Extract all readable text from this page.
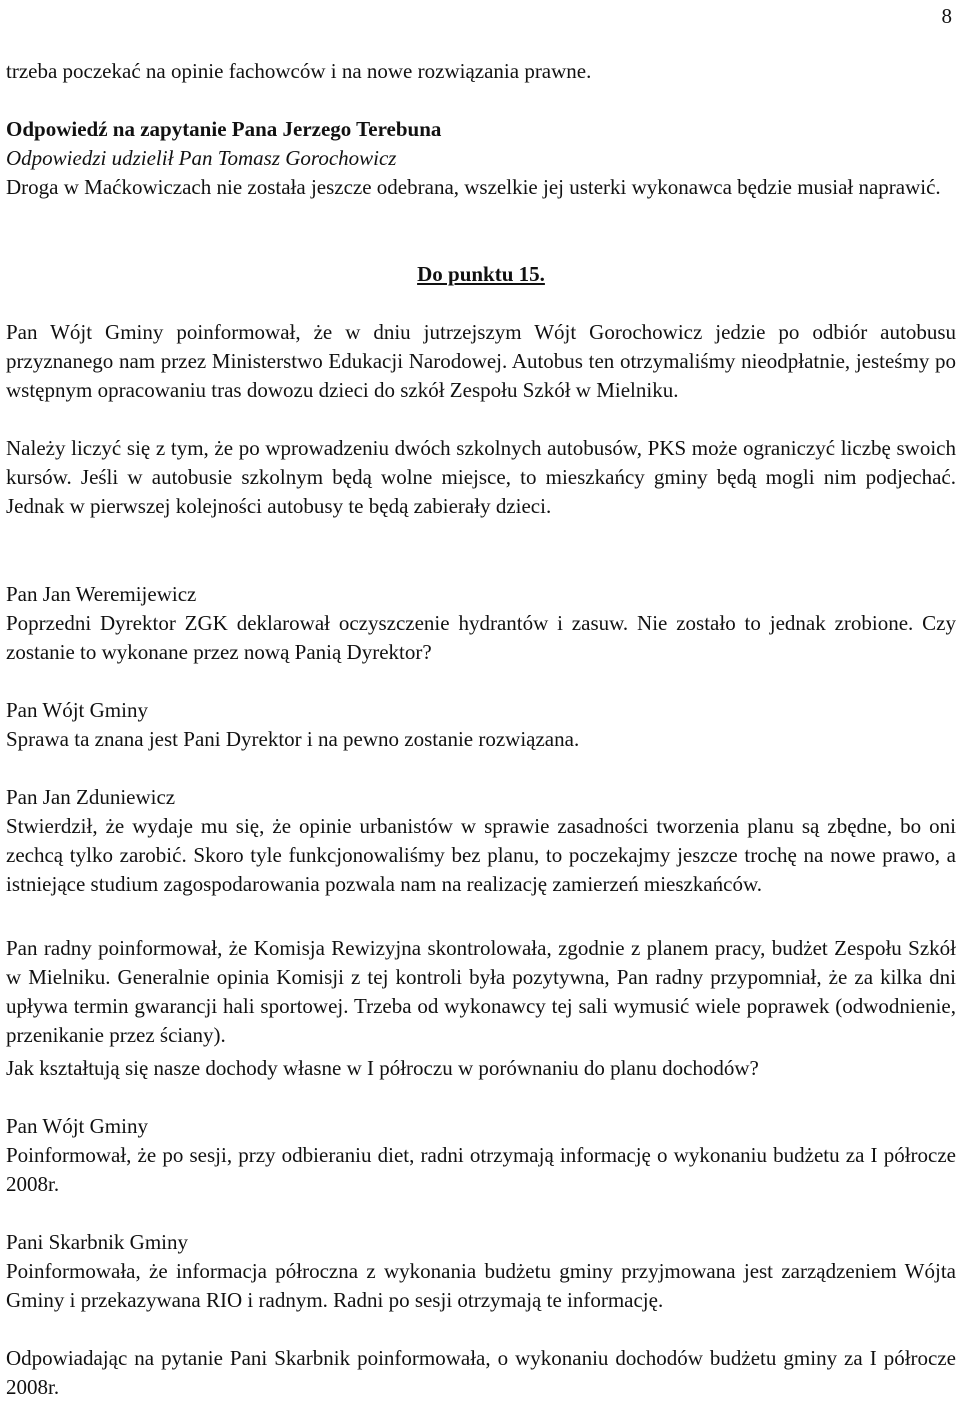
8

trzeba poczekać na opinie fachowców i na nowe rozwiązania prawne.

Odpowiedź na zapytanie Pana Jerzego Terebuna

Odpowiedzi udzielił Pan Tomasz Gorochowicz

Droga w Maćkowiczach nie została jeszcze odebrana, wszelkie jej usterki wykonawca będzie musiał naprawić.

Do punktu 15.

Pan Wójt Gminy poinformował, że w dniu jutrzejszym Wójt Gorochowicz jedzie po odbiór autobusu przyznanego nam przez Ministerstwo Edukacji Narodowej. Autobus ten otrzymaliśmy nieodpłatnie, jesteśmy po wstępnym opracowaniu tras dowozu dzieci do szkół Zespołu Szkół w Mielniku.

Należy liczyć się z tym, że po wprowadzeniu dwóch szkolnych autobusów, PKS może ograniczyć liczbę swoich kursów. Jeśli w autobusie szkolnym będą wolne miejsce, to mieszkańcy gminy będą mogli nim podjechać. Jednak w pierwszej kolejności autobusy te będą zabierały dzieci.

Pan Jan Weremijewicz

Poprzedni Dyrektor ZGK deklarował oczyszczenie hydrantów i zasuw. Nie zostało to jednak zrobione. Czy zostanie to wykonane przez nową Panią Dyrektor?

Pan Wójt Gminy

Sprawa ta znana jest Pani Dyrektor i na pewno zostanie rozwiązana.

Pan Jan Zduniewicz

Stwierdził, że wydaje mu się, że opinie urbanistów w sprawie zasadności tworzenia planu są zbędne, bo oni zechcą tylko zarobić. Skoro tyle funkcjonowaliśmy bez planu, to poczekajmy jeszcze trochę na nowe prawo, a istniejące studium zagospodarowania pozwala nam na realizację zamierzeń mieszkańców.

Pan radny poinformował, że Komisja Rewizyjna skontrolowała, zgodnie z planem pracy, budżet Zespołu Szkół w Mielniku. Generalnie opinia Komisji z tej kontroli była pozytywna, Pan radny przypomniał, że za kilka dni upływa termin gwarancji hali sportowej. Trzeba od wykonawcy tej sali wymusić wiele poprawek (odwodnienie, przenikanie przez ściany).

Jak kształtują się nasze dochody własne w I półroczu w porównaniu do planu dochodów?

Pan Wójt Gminy

Poinformował, że po sesji, przy odbieraniu diet, radni otrzymają informację o wykonaniu budżetu za I półrocze 2008r.

Pani Skarbnik Gminy

Poinformowała, że informacja półroczna z wykonania budżetu gminy przyjmowana jest zarządzeniem Wójta Gminy i przekazywana RIO i radnym. Radni po sesji otrzymają te informację.

Odpowiadając na pytanie Pani Skarbnik poinformowała, o wykonaniu dochodów budżetu gminy za I półrocze 2008r.
